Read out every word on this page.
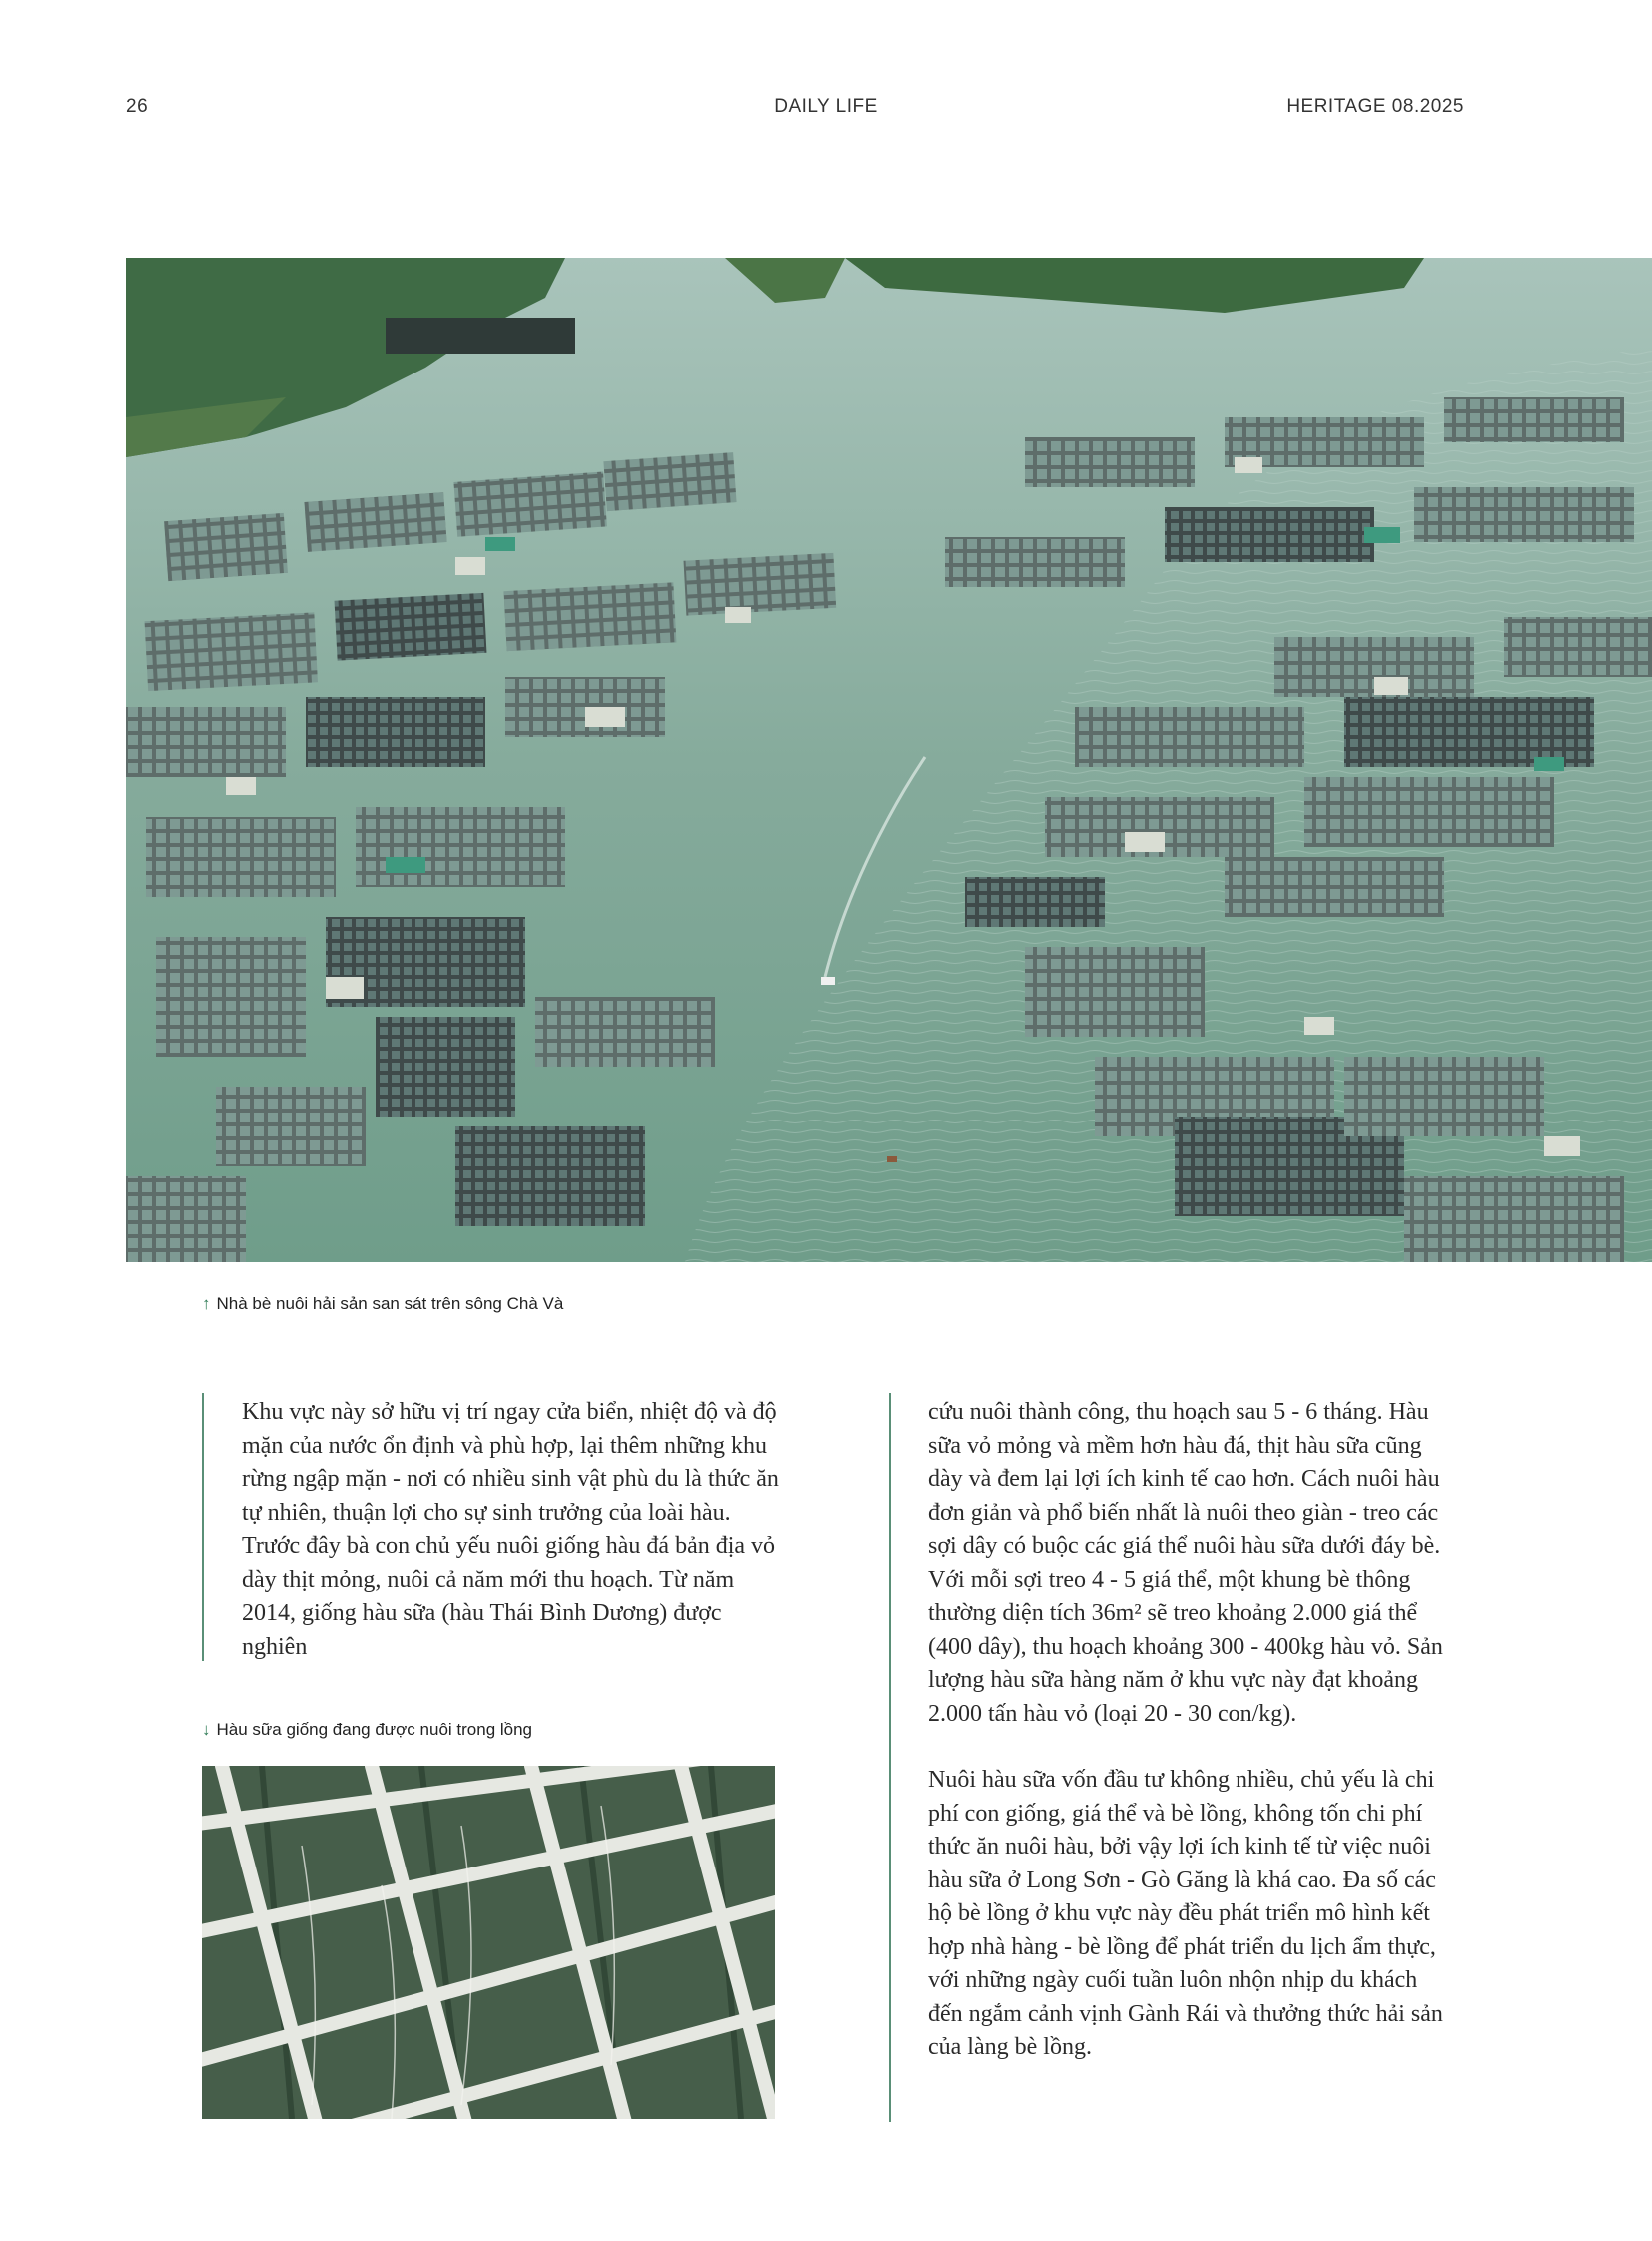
26	DAILY LIFE	HERITAGE 08.2025
↑ Nhà bè nuôi hải sản san sát trên sông Chà Và

Khu vực này sở hữu vị trí ngay cửa biển, nhiệt độ và độ mặn của nước ổn định và phù hợp, lại thêm những khu rừng ngập mặn - nơi có nhiều sinh vật phù du là thức ăn tự nhiên, thuận lợi cho sự sinh trưởng của loài hàu. Trước đây bà con chủ yếu nuôi giống hàu đá bản địa vỏ dày thịt mỏng, nuôi cả năm mới thu hoạch. Từ năm 2014, giống hàu sữa (hàu Thái Bình Dương) được nghiên

↓ Hàu sữa giống đang được nuôi trong lồng

cứu nuôi thành công, thu hoạch sau 5 - 6 tháng. Hàu sữa vỏ mỏng và mềm hơn hàu đá, thịt hàu sữa cũng dày và đem lại lợi ích kinh tế cao hơn. Cách nuôi hàu đơn giản và phổ biến nhất là nuôi theo giàn - treo các sợi dây có buộc các giá thể nuôi hàu sữa dưới đáy bè. Với mỗi sợi treo 4 - 5 giá thể, một khung bè thông thường diện tích 36m² sẽ treo khoảng 2.000 giá thể (400 dây), thu hoạch khoảng 300 - 400kg hàu vỏ. Sản lượng hàu sữa hàng năm ở khu vực này đạt khoảng 2.000 tấn hàu vỏ (loại 20 - 30 con/kg).

Nuôi hàu sữa vốn đầu tư không nhiều, chủ yếu là chi phí con giống, giá thể và bè lồng, không tốn chi phí thức ăn nuôi hàu, bởi vậy lợi ích kinh tế từ việc nuôi hàu sữa ở Long Sơn - Gò Găng là khá cao. Đa số các hộ bè lồng ở khu vực này đều phát triển mô hình kết hợp nhà hàng - bè lồng để phát triển du lịch ẩm thực, với những ngày cuối tuần luôn nhộn nhịp du khách đến ngắm cảnh vịnh Gành Rái và thưởng thức hải sản của làng bè lồng.
